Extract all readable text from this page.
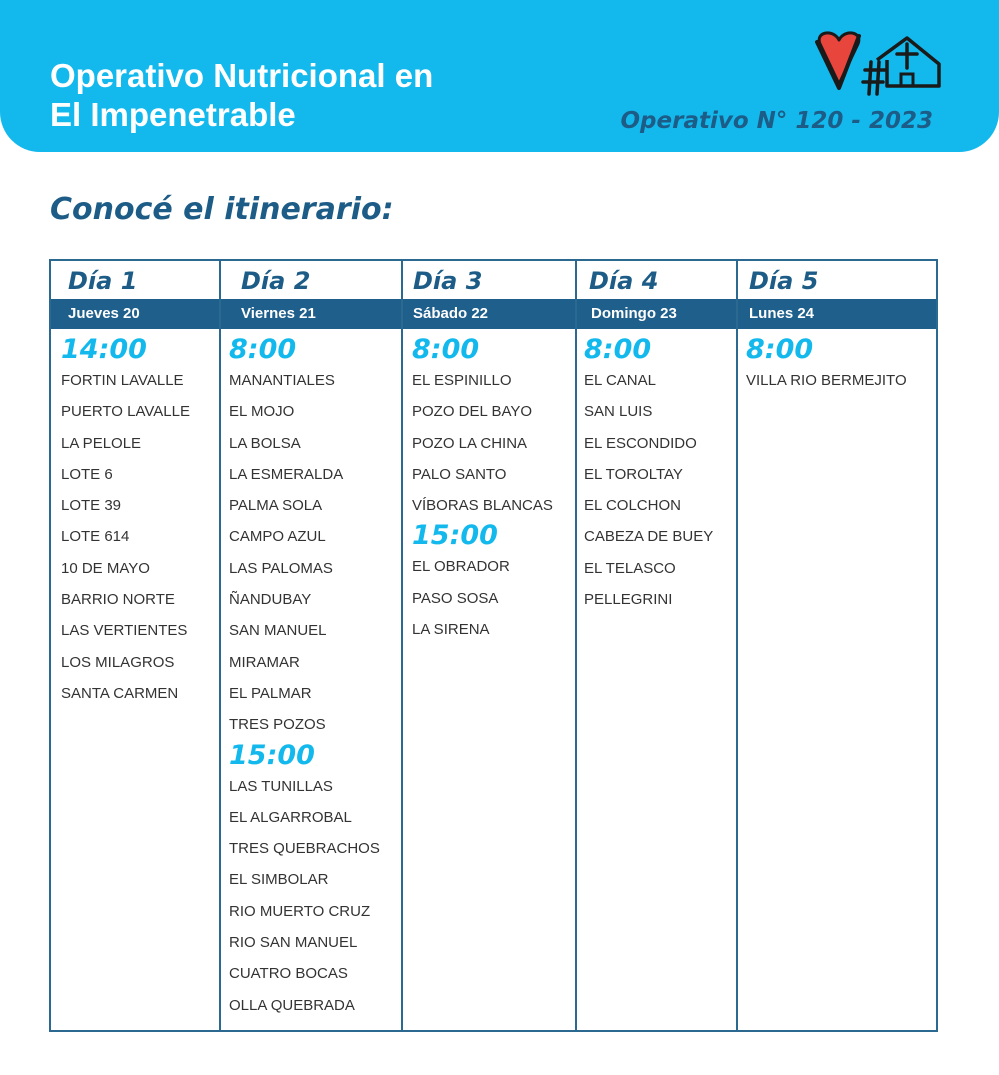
Operativo Nutricional en
El Impenetrable	Operativo N° 120 - 2023
Conocé el itinerario:
Día 1
Jueves 20
14:00
FORTIN LAVALLE
PUERTO LAVALLE
LA PELOLE
LOTE 6
LOTE 39
LOTE 614
10 DE MAYO
BARRIO NORTE
LAS VERTIENTES
LOS MILAGROS
SANTA CARMEN
Día 2
Viernes 21
8:00
MANANTIALES
EL MOJO
LA BOLSA
LA ESMERALDA
PALMA SOLA
CAMPO AZUL
LAS PALOMAS
ÑANDUBAY
SAN MANUEL
MIRAMAR
EL PALMAR
TRES POZOS
15:00
LAS TUNILLAS
EL ALGARROBAL
TRES QUEBRACHOS
EL SIMBOLAR
RIO MUERTO CRUZ
RIO SAN MANUEL
CUATRO BOCAS
OLLA QUEBRADA
Día 3
Sábado 22
8:00
EL ESPINILLO
POZO DEL BAYO
POZO LA CHINA
PALO SANTO
VÍBORAS BLANCAS
15:00
EL OBRADOR
PASO SOSA
LA SIRENA
Día 4
Domingo 23
8:00
EL CANAL
SAN LUIS
EL ESCONDIDO
EL TOROLTAY
EL COLCHON
CABEZA DE BUEY
EL TELASCO
PELLEGRINI
Día 5
Lunes 24
8:00
VILLA RIO BERMEJITO
